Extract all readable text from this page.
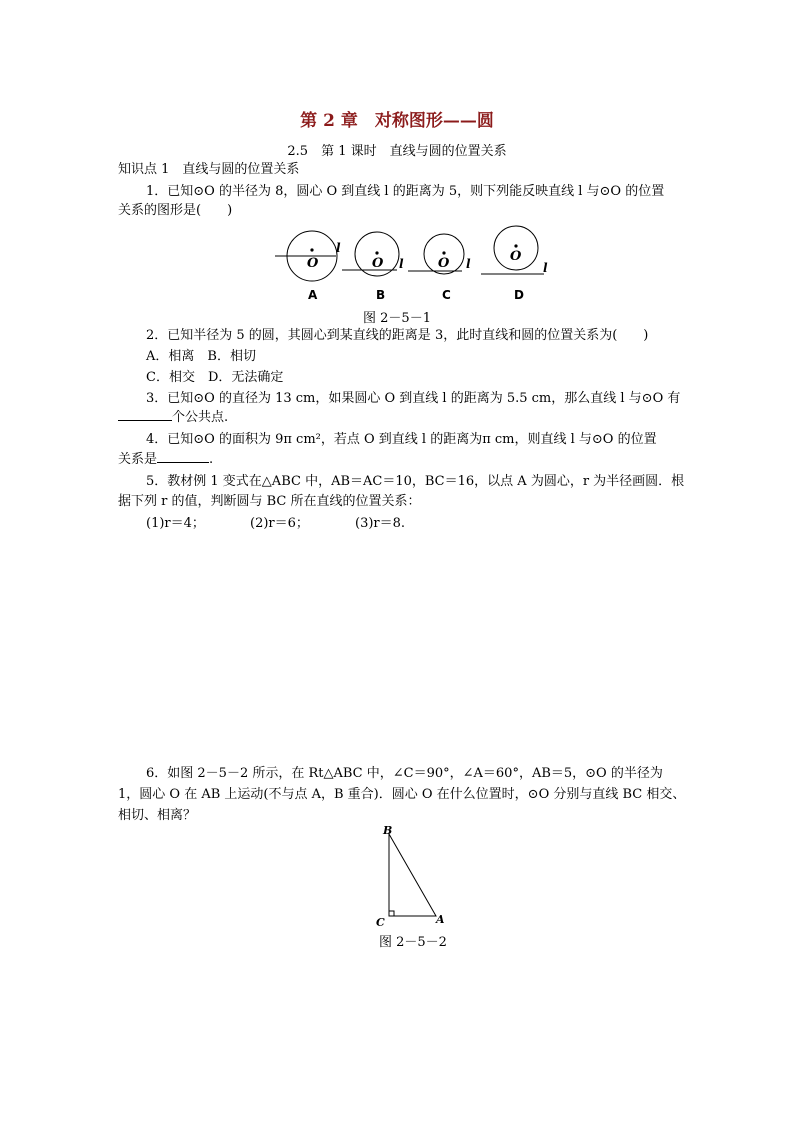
第 2 章　对称图形——圆
2.5　第 1 课时　直线与圆的位置关系
知识点 1　直线与圆的位置关系
1．已知⊙O 的半径为 8，圆心 O 到直线 l 的距离为 5，则下列能反映直线 l 与⊙O 的位置
关系的图形是(　　)
O
l
O l	O l	O
l
A	B	C	D
图 2－5－1
2．已知半径为 5 的圆，其圆心到某直线的距离是 3，此时直线和圆的位置关系为(　　)
A．相离　B．相切
C．相交　D．无法确定
3．已知⊙O 的直径为 13 cm，如果圆心 O 到直线 l 的距离为 5.5 cm，那么直线 l 与⊙O 有
个公共点.
4．已知⊙O 的面积为 9π cm²，若点 O 到直线 l 的距离为π cm，则直线 l 与⊙O 的位置
关系是	.
5．教材例 1 变式在△ABC 中，AB＝AC＝10，BC＝16，以点 A 为圆心，r 为半径画圆．根
据下列 r 的值，判断圆与 BC 所在直线的位置关系：
(1)r＝4；	(2)r＝6；	(3)r＝8.
6．如图 2－5－2 所示，在 Rt△ABC 中，∠C＝90°，∠A＝60°，AB＝5，⊙O 的半径为
1，圆心 O 在 AB 上运动(不与点 A，B 重合)．圆心 O 在什么位置时，⊙O 分别与直线 BC 相交、
相切、相离？
B
C	A
图 2－5－2
